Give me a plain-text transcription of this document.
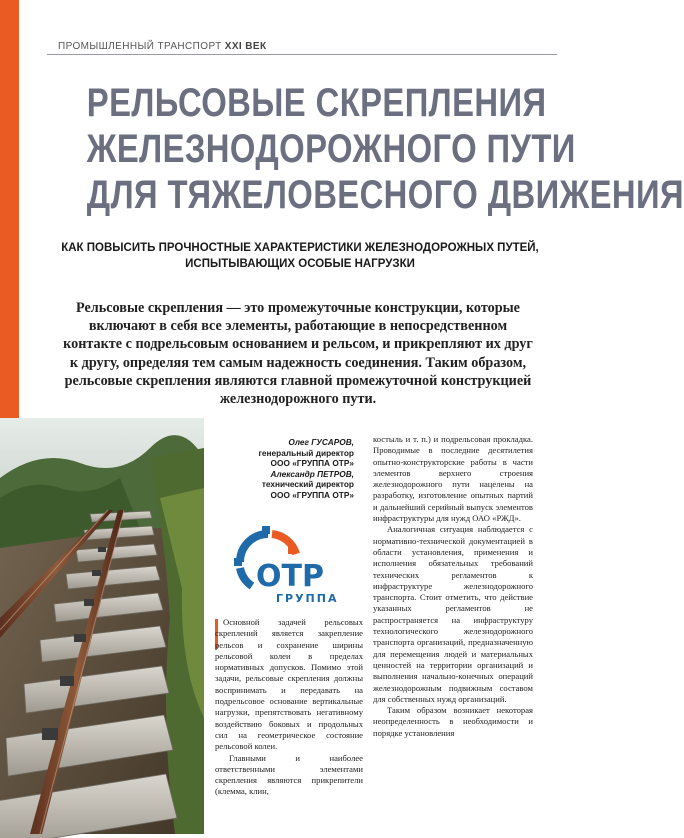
ПРОМЫШЛЕННЫЙ ТРАНСПОРТ XXI ВЕК
РЕЛЬСОВЫЕ СКРЕПЛЕНИЯ
ЖЕЛЕЗНОДОРОЖНОГО ПУТИ
ДЛЯ ТЯЖЕЛОВЕСНОГО ДВИЖЕНИЯ
КАК ПОВЫСИТЬ ПРОЧНОСТНЫЕ ХАРАКТЕРИСТИКИ ЖЕЛЕЗНОДОРОЖНЫХ ПУТЕЙ,
ИСПЫТЫВАЮЩИХ ОСОБЫЕ НАГРУЗКИ
Рельсовые скрепления — это промежуточные конструкции, которые включают в себя все элементы, работающие в непосредственном контакте с подрельсовым основанием и рельсом, и прикрепляют их друг к другу, определяя тем самым надежность соединения. Таким образом, рельсовые скрепления являются главной промежуточной конструкцией железнодорожного пути.
Олег ГУСАРОВ,
генеральный директор
ООО «ГРУППА ОТР»
Александр ПЕТРОВ,
технический директор
ООО «ГРУППА ОТР»
ОТР
ГРУППА

Основной задачей рельсовых скреплений является закрепление рельсов и сохранение ширины рельсовой колеи в пределах нормативных допусков. Помимо этой задачи, рельсовые скрепления должны воспринимать и передавать на подрельсовое основание вертикальные нагрузки, препятствовать негативному воздействию боковых и продольных сил на геометрическое состояние рельсовой колеи.

Главными и наиболее ответственными элементами скрепления являются прикрепители (клемма, клин,

костыль и т. п.) и подрельсовая прокладка. Проводимые в последние десятилетия опытно-конструкторские работы в части элементов верхнего строения железнодорожного пути нацелены на разработку, изготовление опытных партий и дальнейший серийный выпуск элементов инфраструктуры для нужд ОАО «РЖД».

Аналогичная ситуация наблюдается с нормативно-технической документацией в области установления, применения и исполнения обязательных требований технических регламентов к инфраструктуре железнодорожного транспорта. Стоит отметить, что действие указанных регламентов не распространяется на инфраструктуру технологического железнодорожного транспорта организаций, предназначенную для перемещения людей и материальных ценностей на территории организаций и выполнения начально-конечных операций железнодорожным подвижным составом для собственных нужд организаций.

Таким образом возникает некоторая неопределенность в необходимости и порядке установления
